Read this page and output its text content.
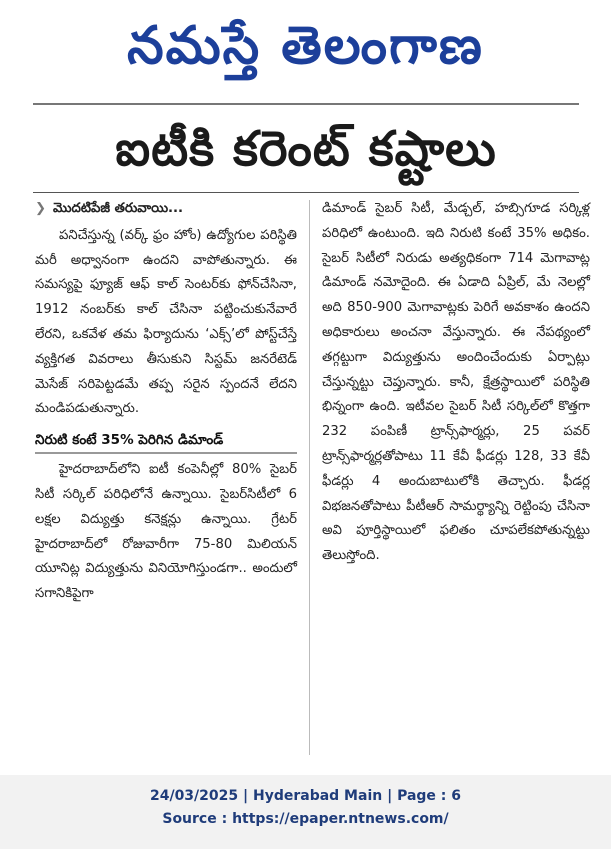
నమస్తే తెలంగాణ
ఐటీకి కరెంట్ కష్టాలు
❯ మొదటిపేజీ తరువాయి...

పనిచేస్తున్న (వర్క్ ఫ్రం హోం) ఉద్యోగుల పరిస్థితి మరీ అధ్వానంగా ఉందని వాపోతున్నారు. ఈ సమస్యపై ఫ్యూజ్ ఆఫ్ కాల్ సెంటర్‌కు ఫోన్‌చేసినా, 1912 నంబర్‌కు కాల్ చేసినా పట్టించుకునేవారే లేరని, ఒకవేళ తమ ఫిర్యాదును ‘ఎక్స్’లో పోస్ట్‌చేస్తే వ్యక్తిగత వివరాలు తీసుకుని సిస్టమ్ జనరేటెడ్ మెసేజ్ సరిపెట్టడమే తప్ప సరైన స్పందనే లేదని మండిపడుతున్నారు.

నిరుటి కంటే 35% పెరిగిన డిమాండ్

హైదరాబాద్‌లోని ఐటీ కంపెనీల్లో 80% సైబర్ సిటీ సర్కిల్ పరిధిలోనే ఉన్నాయి. సైబర్‌సిటీలో 6 లక్షల విద్యుత్తు కనెక్షన్లు ఉన్నాయి. గ్రేటర్ హైదరాబాద్‌లో రోజువారీగా 75-80 మిలియన్ యూనిట్ల విద్యుత్తును వినియోగిస్తుండగా.. అందులో సగానికిపైగా

డిమాండ్ సైబర్ సిటీ, మేడ్చల్, హబ్సిగూడ సర్కిళ్ల పరిధిలో ఉంటుంది. ఇది నిరుటి కంటే 35% అధికం. సైబర్ సిటీలో నిరుడు అత్యధికంగా 714 మెగావాట్ల డిమాండ్ నమోదైంది. ఈ ఏడాది ఏప్రిల్, మే నెలల్లో అది 850-900 మెగావాట్లకు పెరిగే అవకాశం ఉందని అధికారులు అంచనా వేస్తున్నారు. ఈ నేపథ్యంలో తగ్గట్టుగా విద్యుత్తును అందించేందుకు ఏర్పాట్లు చేస్తున్నట్టు చెప్తున్నారు. కానీ, క్షేత్రస్థాయిలో పరిస్థితి భిన్నంగా ఉంది. ఇటీవల సైబర్ సిటీ సర్కిల్‌లో కొత్తగా 232 పంపిణీ ట్రాన్స్‌ఫార్మర్లు, 25 పవర్ ట్రాన్స్‌ఫార్మర్లతోపాటు 11 కేవీ ఫీడర్లు 128, 33 కేవీ ఫీడర్లు 4 అందుబాటులోకి తెచ్చారు. ఫీడర్ల విభజనతోపాటు పీటీఆర్ సామర్థ్యాన్ని రెట్టింపు చేసినా అవి పూర్తిస్థాయిలో ఫలితం చూపలేకపోతున్నట్టు తెలుస్తోంది.

24/03/2025 | Hyderabad Main | Page : 6
Source : https://epaper.ntnews.com/
